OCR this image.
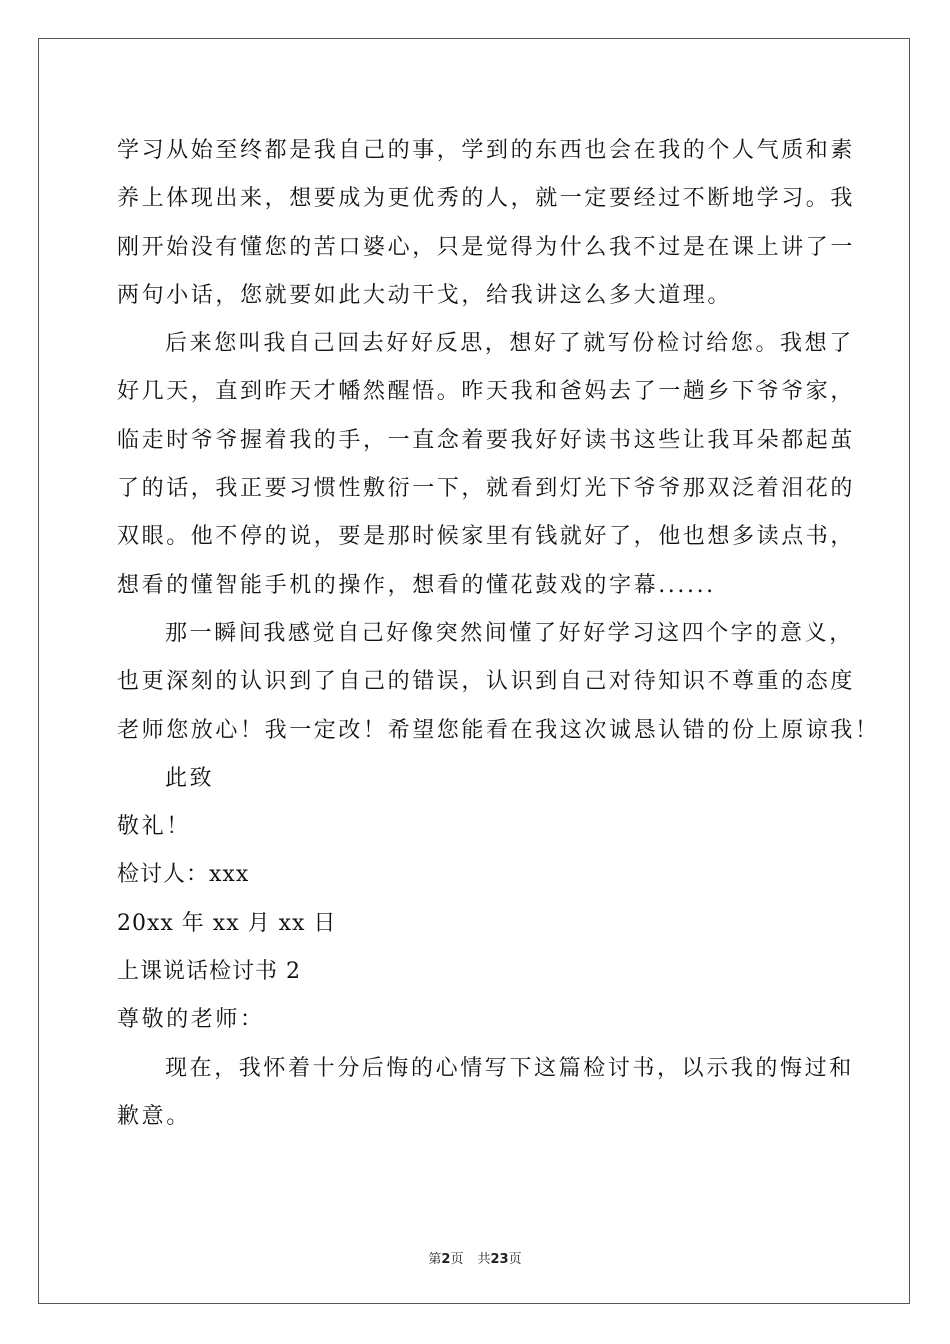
学习从始至终都是我自己的事，学到的东西也会在我的个人气质和素
养上体现出来，想要成为更优秀的人，就一定要经过不断地学习。我
刚开始没有懂您的苦口婆心，只是觉得为什么我不过是在课上讲了一
两句小话，您就要如此大动干戈，给我讲这么多大道理。
后来您叫我自己回去好好反思，想好了就写份检讨给您。我想了
好几天，直到昨天才幡然醒悟。昨天我和爸妈去了一趟乡下爷爷家，
临走时爷爷握着我的手，一直念着要我好好读书这些让我耳朵都起茧
了的话，我正要习惯性敷衍一下，就看到灯光下爷爷那双泛着泪花的
双眼。他不停的说，要是那时候家里有钱就好了，他也想多读点书，
想看的懂智能手机的操作，想看的懂花鼓戏的字幕......
那一瞬间我感觉自己好像突然间懂了好好学习这四个字的意义，
也更深刻的认识到了自己的错误，认识到自己对待知识不尊重的态度
老师您放心！我一定改！希望您能看在我这次诚恳认错的份上原谅我！
此致
敬礼！
检讨人：xxx
20xx 年 xx 月 xx 日
上课说话检讨书 2
尊敬的老师：
现在，我怀着十分后悔的心情写下这篇检讨书，以示我的悔过和
歉意。
第2页 共23页
